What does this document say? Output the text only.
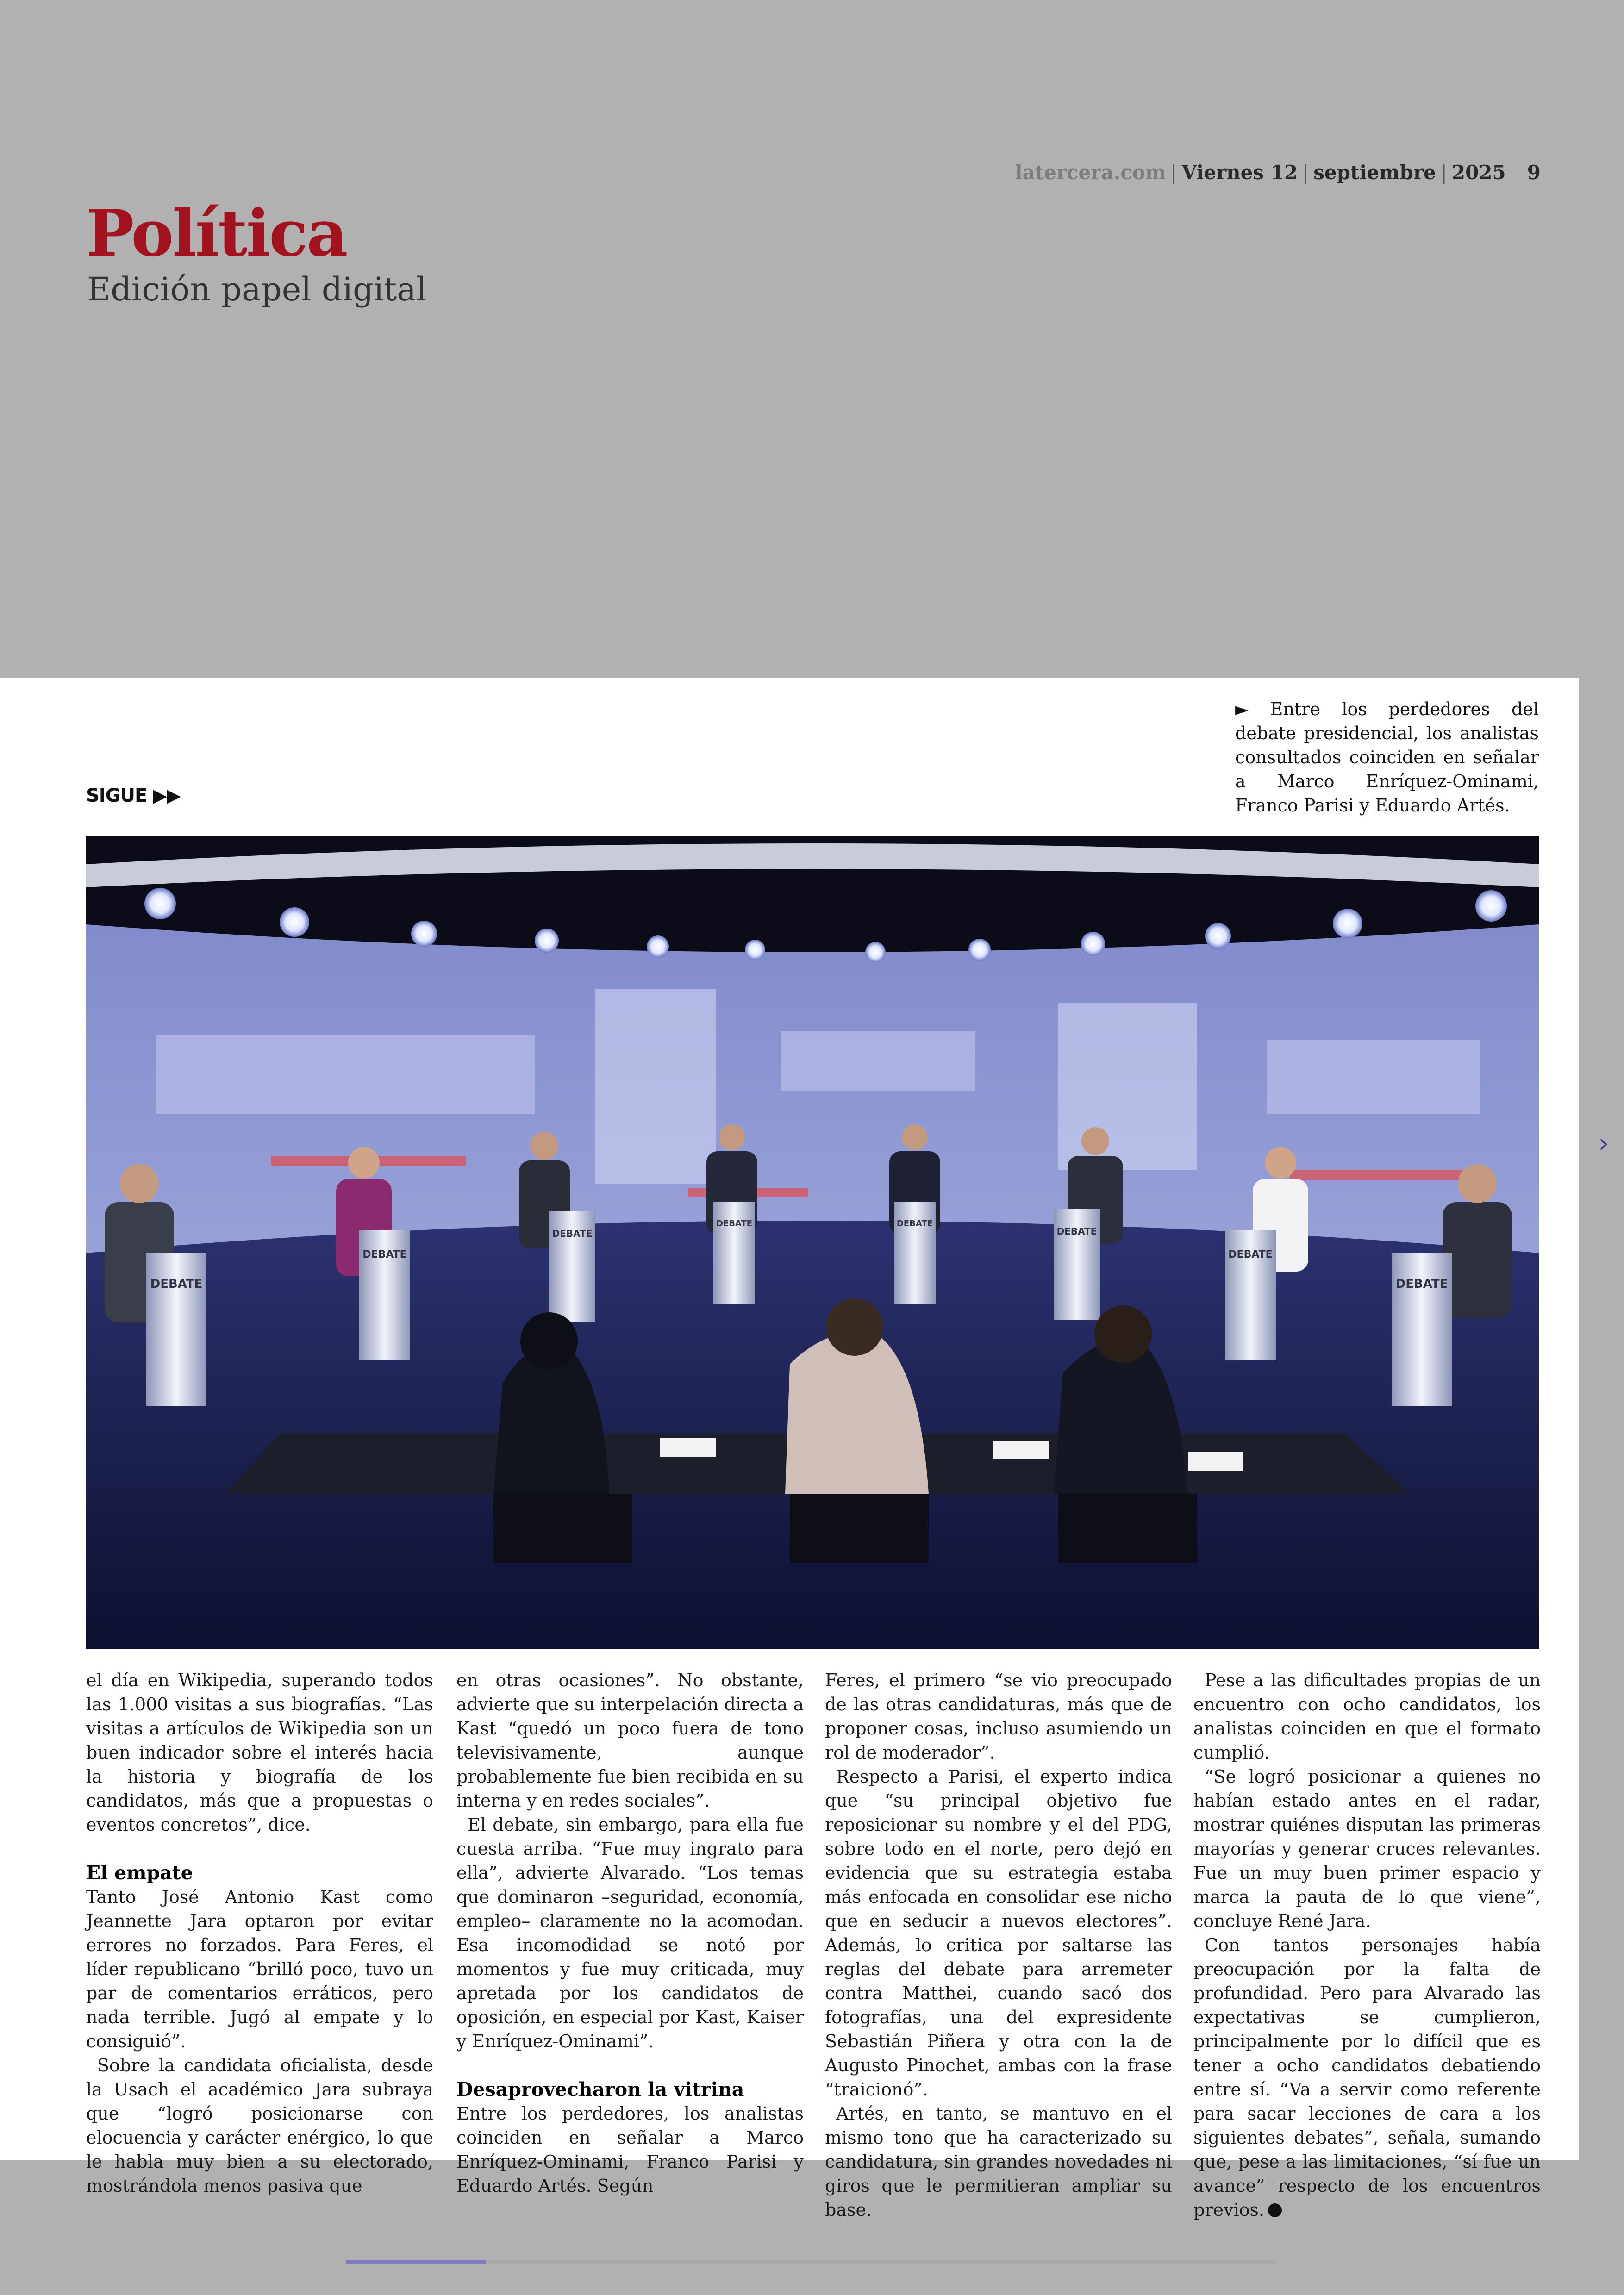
Política
Edición papel digital
latercera.com | Viernes 12 | septiembre | 2025 9
›
SIGUE ▶▶
► Entre los perdedores del debate presidencial, los analistas consultados coinciden en señalar a Marco Enríquez-Ominami, Franco Parisi y Eduardo Artés.
DEBATE
DEBATE
DEBATE
DEBATE	DEBATE
DEBATE
DEBATE
DEBATE

el día en Wikipedia, superando todos las 1.000 visitas a sus biografías. “Las visitas a artículos de Wikipedia son un buen indicador sobre el interés hacia la historia y biografía de los candidatos, más que a propuestas o eventos concretos”, dice.

El empate

Tanto José Antonio Kast como Jeannette Jara optaron por evitar errores no forzados. Para Feres, el líder republicano “brilló poco, tuvo un par de comentarios erráticos, pero nada terrible. Jugó al empate y lo consiguió”.

Sobre la candidata oficialista, desde la Usach el académico Jara subraya que “logró posicionarse con elocuencia y carácter enérgico, lo que le habla muy bien a su electorado, mostrándola menos pasiva que

en otras ocasiones”. No obstante, advierte que su interpelación directa a Kast “quedó un poco fuera de tono televisivamente, aunque probablemente fue bien recibida en su interna y en redes sociales”.

El debate, sin embargo, para ella fue cuesta arriba. “Fue muy ingrato para ella”, advierte Alvarado. “Los temas que dominaron –seguridad, economía, empleo– claramente no la acomodan. Esa incomodidad se notó por momentos y fue muy criticada, muy apretada por los candidatos de oposición, en especial por Kast, Kaiser y Enríquez-Ominami”.

Desaprovecharon la vitrina

Entre los perdedores, los analistas coinciden en señalar a Marco Enríquez-Ominami, Franco Parisi y Eduardo Artés. Según

Feres, el primero “se vio preocupado de las otras candidaturas, más que de proponer cosas, incluso asumiendo un rol de moderador”.

Respecto a Parisi, el experto indica que “su principal objetivo fue reposicionar su nombre y el del PDG, sobre todo en el norte, pero dejó en evidencia que su estrategia estaba más enfocada en consolidar ese nicho que en seducir a nuevos electores”. Además, lo critica por saltarse las reglas del debate para arremeter contra Matthei, cuando sacó dos fotografías, una del expresidente Sebastián Piñera y otra con la de Augusto Pinochet, ambas con la frase “traicionó”.

Artés, en tanto, se mantuvo en el mismo tono que ha caracterizado su candidatura, sin grandes novedades ni giros que le permitieran ampliar su base.

Pese a las dificultades propias de un encuentro con ocho candidatos, los analistas coinciden en que el formato cumplió.

“Se logró posicionar a quienes no habían estado antes en el radar, mostrar quiénes disputan las primeras mayorías y generar cruces relevantes. Fue un muy buen primer espacio y marca la pauta de lo que viene”, concluye René Jara.

Con tantos personajes había preocupación por la falta de profundidad. Pero para Alvarado las expectativas se cumplieron, principalmente por lo difícil que es tener a ocho candidatos debatiendo entre sí. “Va a servir como referente para sacar lecciones de cara a los siguientes debates”, señala, sumando que, pese a las limitaciones, “sí fue un avance” respecto de los encuentros previos.
